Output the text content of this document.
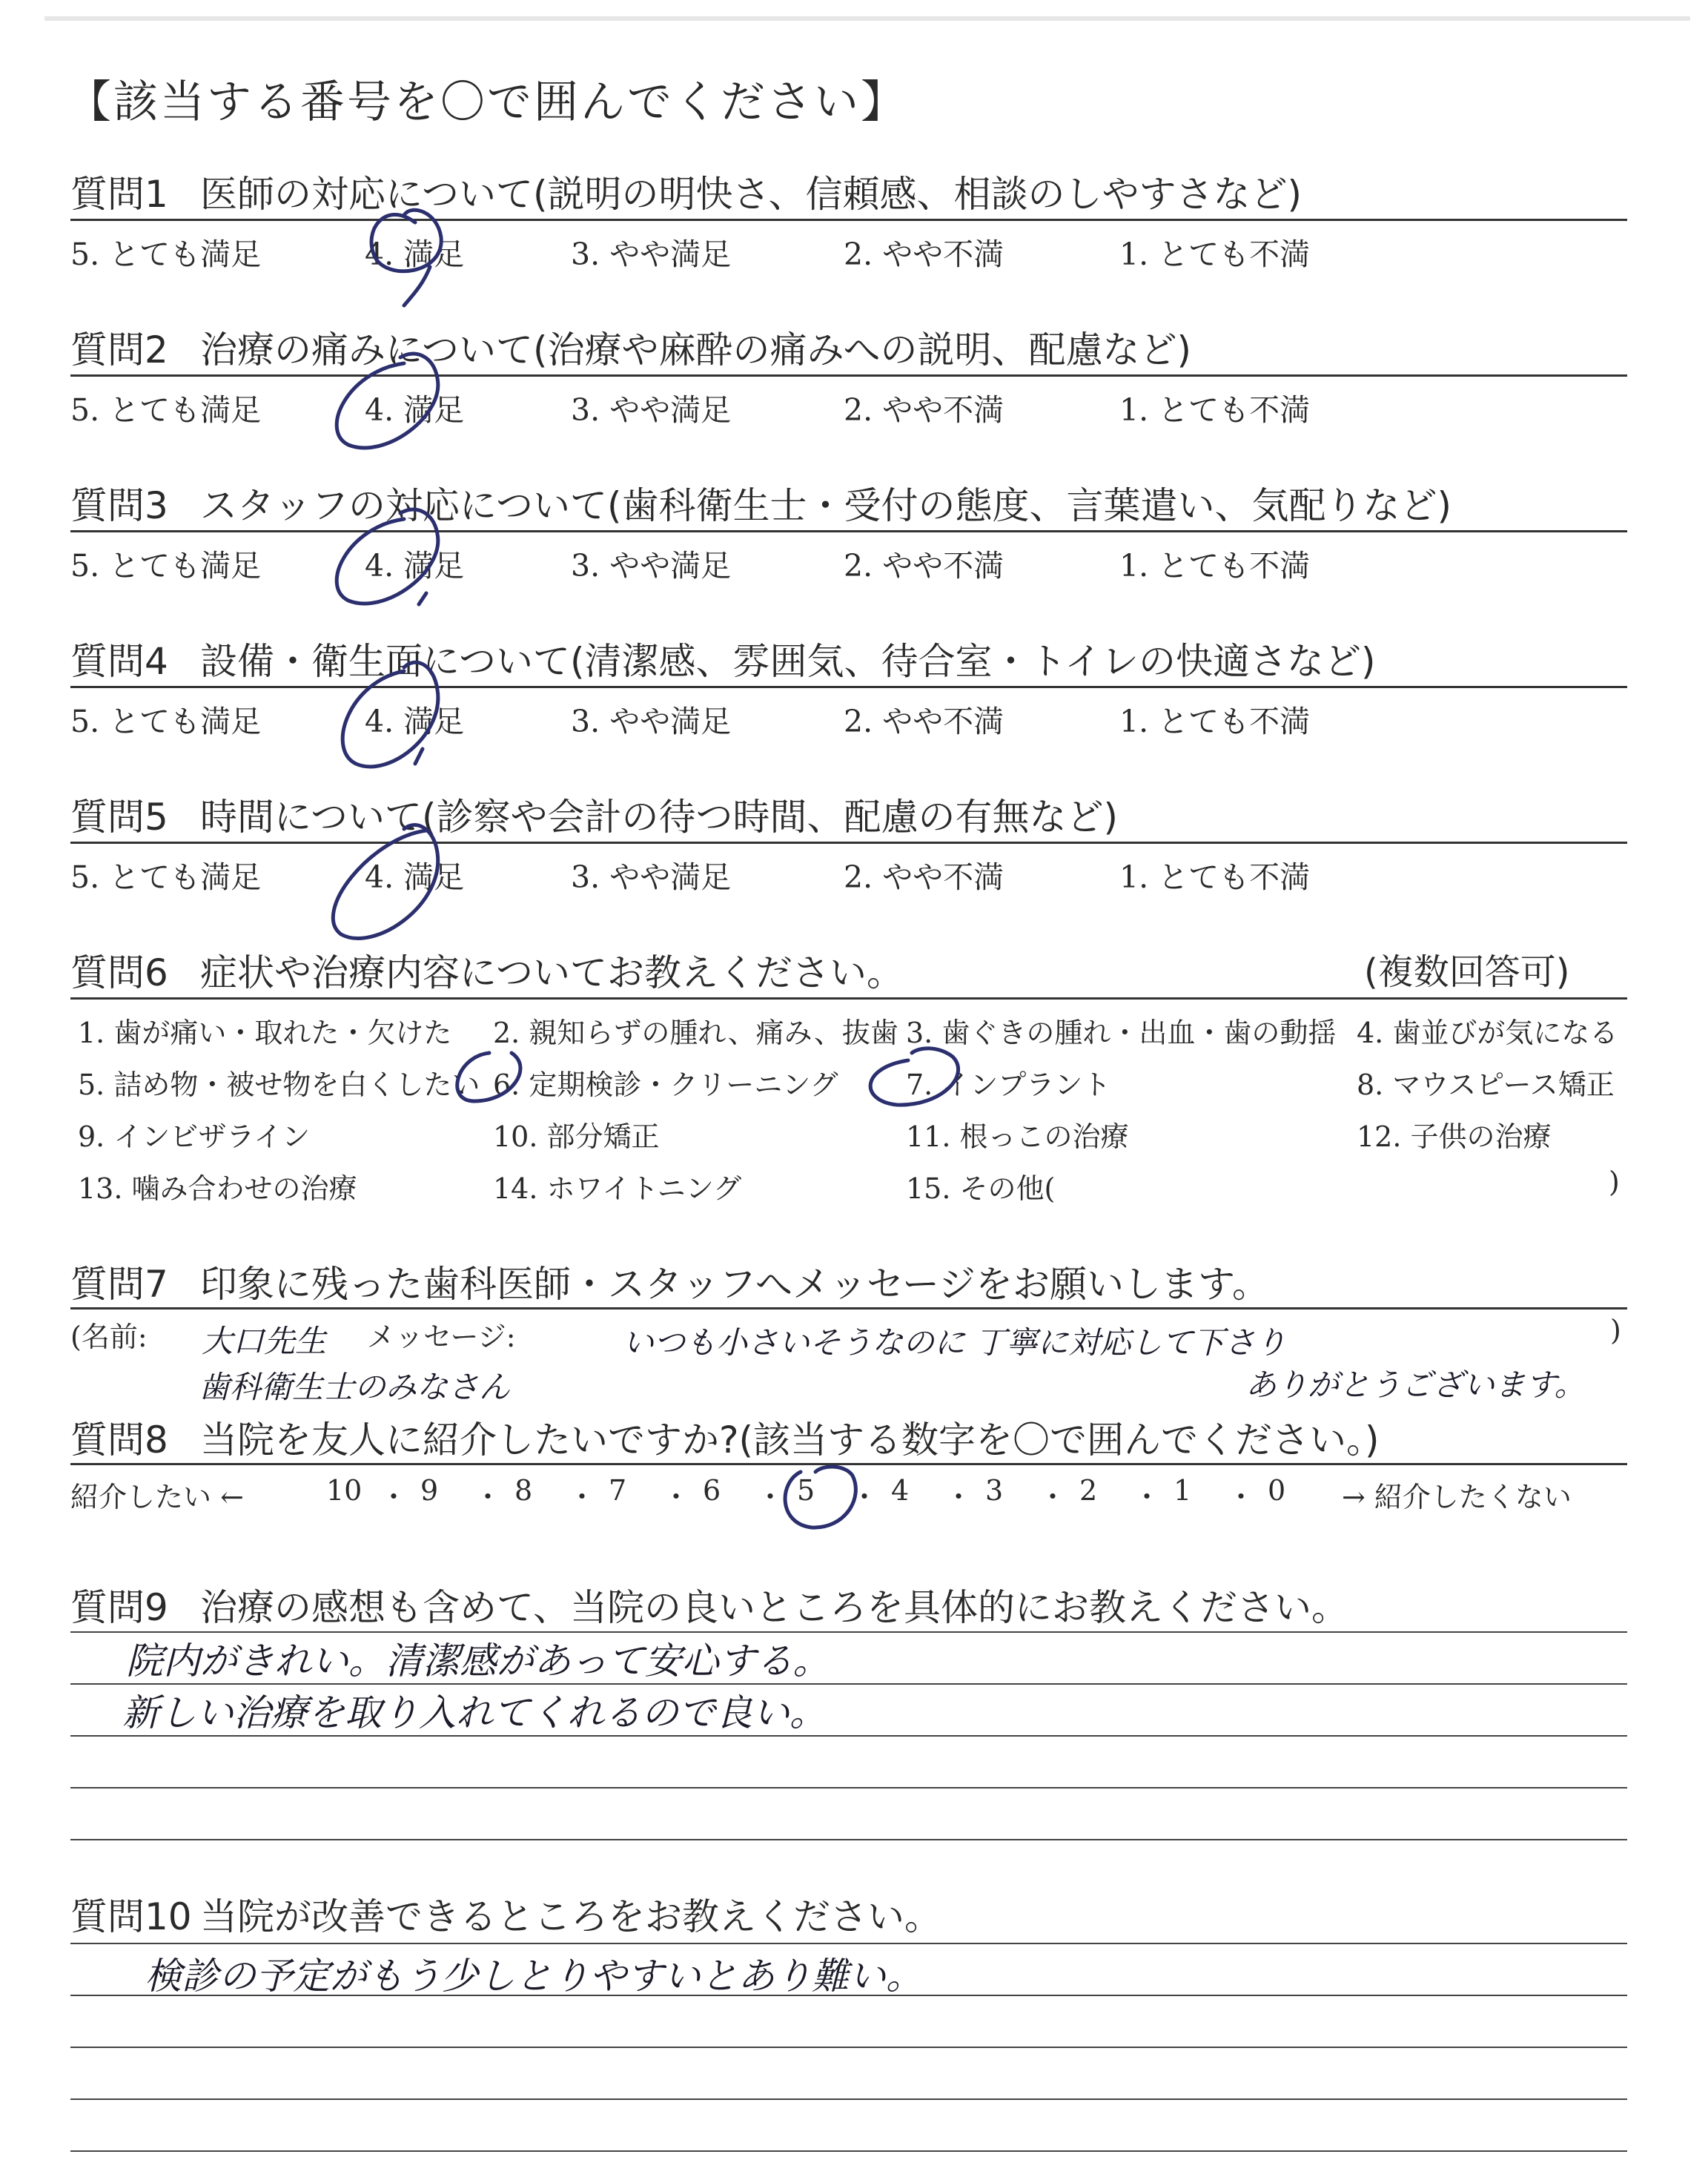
【該当する番号を〇で囲んでください】
質問1 医師の対応について(説明の明快さ、信頼感、相談のしやすさなど)
5. とても満足	4. 満足	3. やや満足	2. やや不満	1. とても不満
質問2 治療の痛みについて(治療や麻酔の痛みへの説明、配慮など)
5. とても満足	4. 満足	3. やや満足	2. やや不満	1. とても不満
質問3 スタッフの対応について(歯科衛生士・受付の態度、言葉遣い、気配りなど)
5. とても満足	4. 満足	3. やや満足	2. やや不満	1. とても不満
質問4 設備・衛生面について(清潔感、雰囲気、待合室・トイレの快適さなど)
5. とても満足	4. 満足	3. やや満足	2. やや不満	1. とても不満
質問5 時間について(診察や会計の待つ時間、配慮の有無など)
5. とても満足	4. 満足	3. やや満足	2. やや不満	1. とても不満
質問6 症状や治療内容についてお教えください。	(複数回答可)
1. 歯が痛い・取れた・欠けた 2. 親知らずの腫れ、痛み、抜歯 3. 歯ぐきの腫れ・出血・歯の動揺 4. 歯並びが気になる
5. 詰め物・被せ物を白くしたい 6. 定期検診・クリーニング 7. インプラント	8. マウスピース矯正
9. インビザライン	10. 部分矯正	11. 根っこの治療	12. 子供の治療
13. 噛み合わせの治療	14. ホワイトニング	15. その他(	)
質問7 印象に残った歯科医師・スタッフへメッセージをお願いします。
(名前:	メッセージ:	)
大口先生
歯科衛生士のみなさん
いつも小さいそうなのに 丁寧に対応して下さり
ありがとうございます。
質問8 当院を友人に紹介したいですか?(該当する数字を〇で囲んでください。)
紹介したい ←	→ 紹介したくない
10 ・ 9 ・ 8 ・ 7 ・ 6 ・ 5 ・ 4 ・ 3 ・ 2 ・ 1 ・ 0
質問9 治療の感想も含めて、当院の良いところを具体的にお教えください。
院内がきれい。清潔感があって安心する。
新しい治療を取り入れてくれるので良い。
質問10 当院が改善できるところをお教えください。
検診の予定がもう少しとりやすいとあり難い。
